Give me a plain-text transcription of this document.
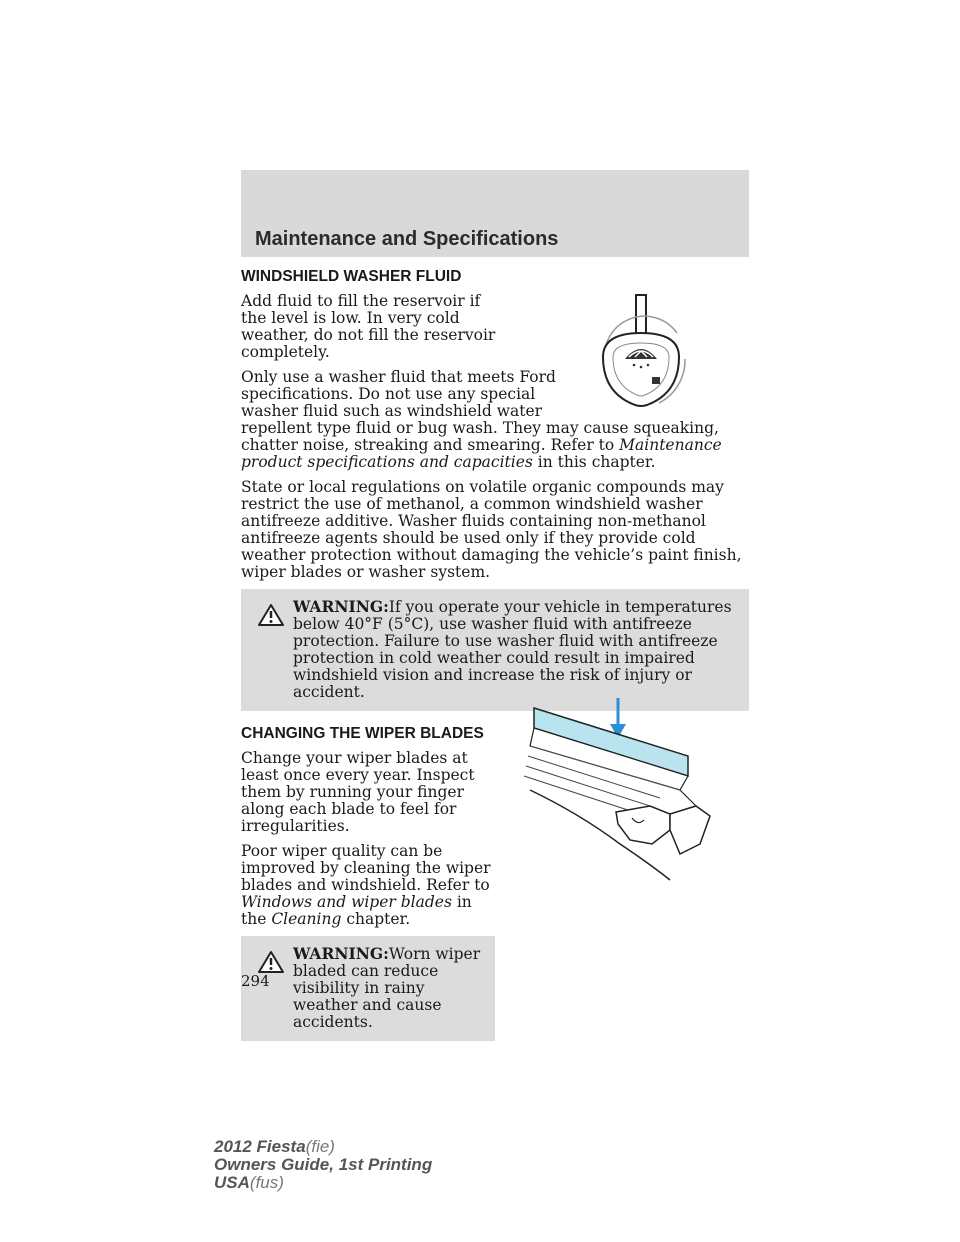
Maintenance and Specifications
WINDSHIELD WASHER FLUID

Add fluid to fill the reservoir if the level is low. In very cold weather, do not fill the reservoir completely.

Only use a washer fluid that meets Ford specifications. Do not use any special washer fluid such as windshield water repellent type fluid or bug wash. They may cause squeaking, chatter noise, streaking and smearing. Refer to Maintenance product specifications and capacities in this chapter.

State or local regulations on volatile organic compounds may restrict the use of methanol, a common windshield washer antifreeze additive. Washer fluids containing non-methanol antifreeze agents should be used only if they provide cold weather protection without damaging the vehicle’s paint finish, wiper blades or washer system.

WARNING:If you operate your vehicle in temperatures below 40°F (5°C), use washer fluid with antifreeze protection. Failure to use washer fluid with antifreeze protection in cold weather could result in impaired windshield vision and increase the risk of injury or accident.
CHANGING THE WIPER BLADES

Change your wiper blades at least once every year. Inspect them by running your finger along each blade to feel for irregularities.

Poor wiper quality can be improved by cleaning the wiper blades and windshield. Refer to Windows and wiper blades in the Cleaning chapter.

WARNING:Worn wiper bladed can reduce visibility in rainy weather and cause accidents.
294
2012 Fiesta(fie)
Owners Guide, 1st Printing
USA(fus)
